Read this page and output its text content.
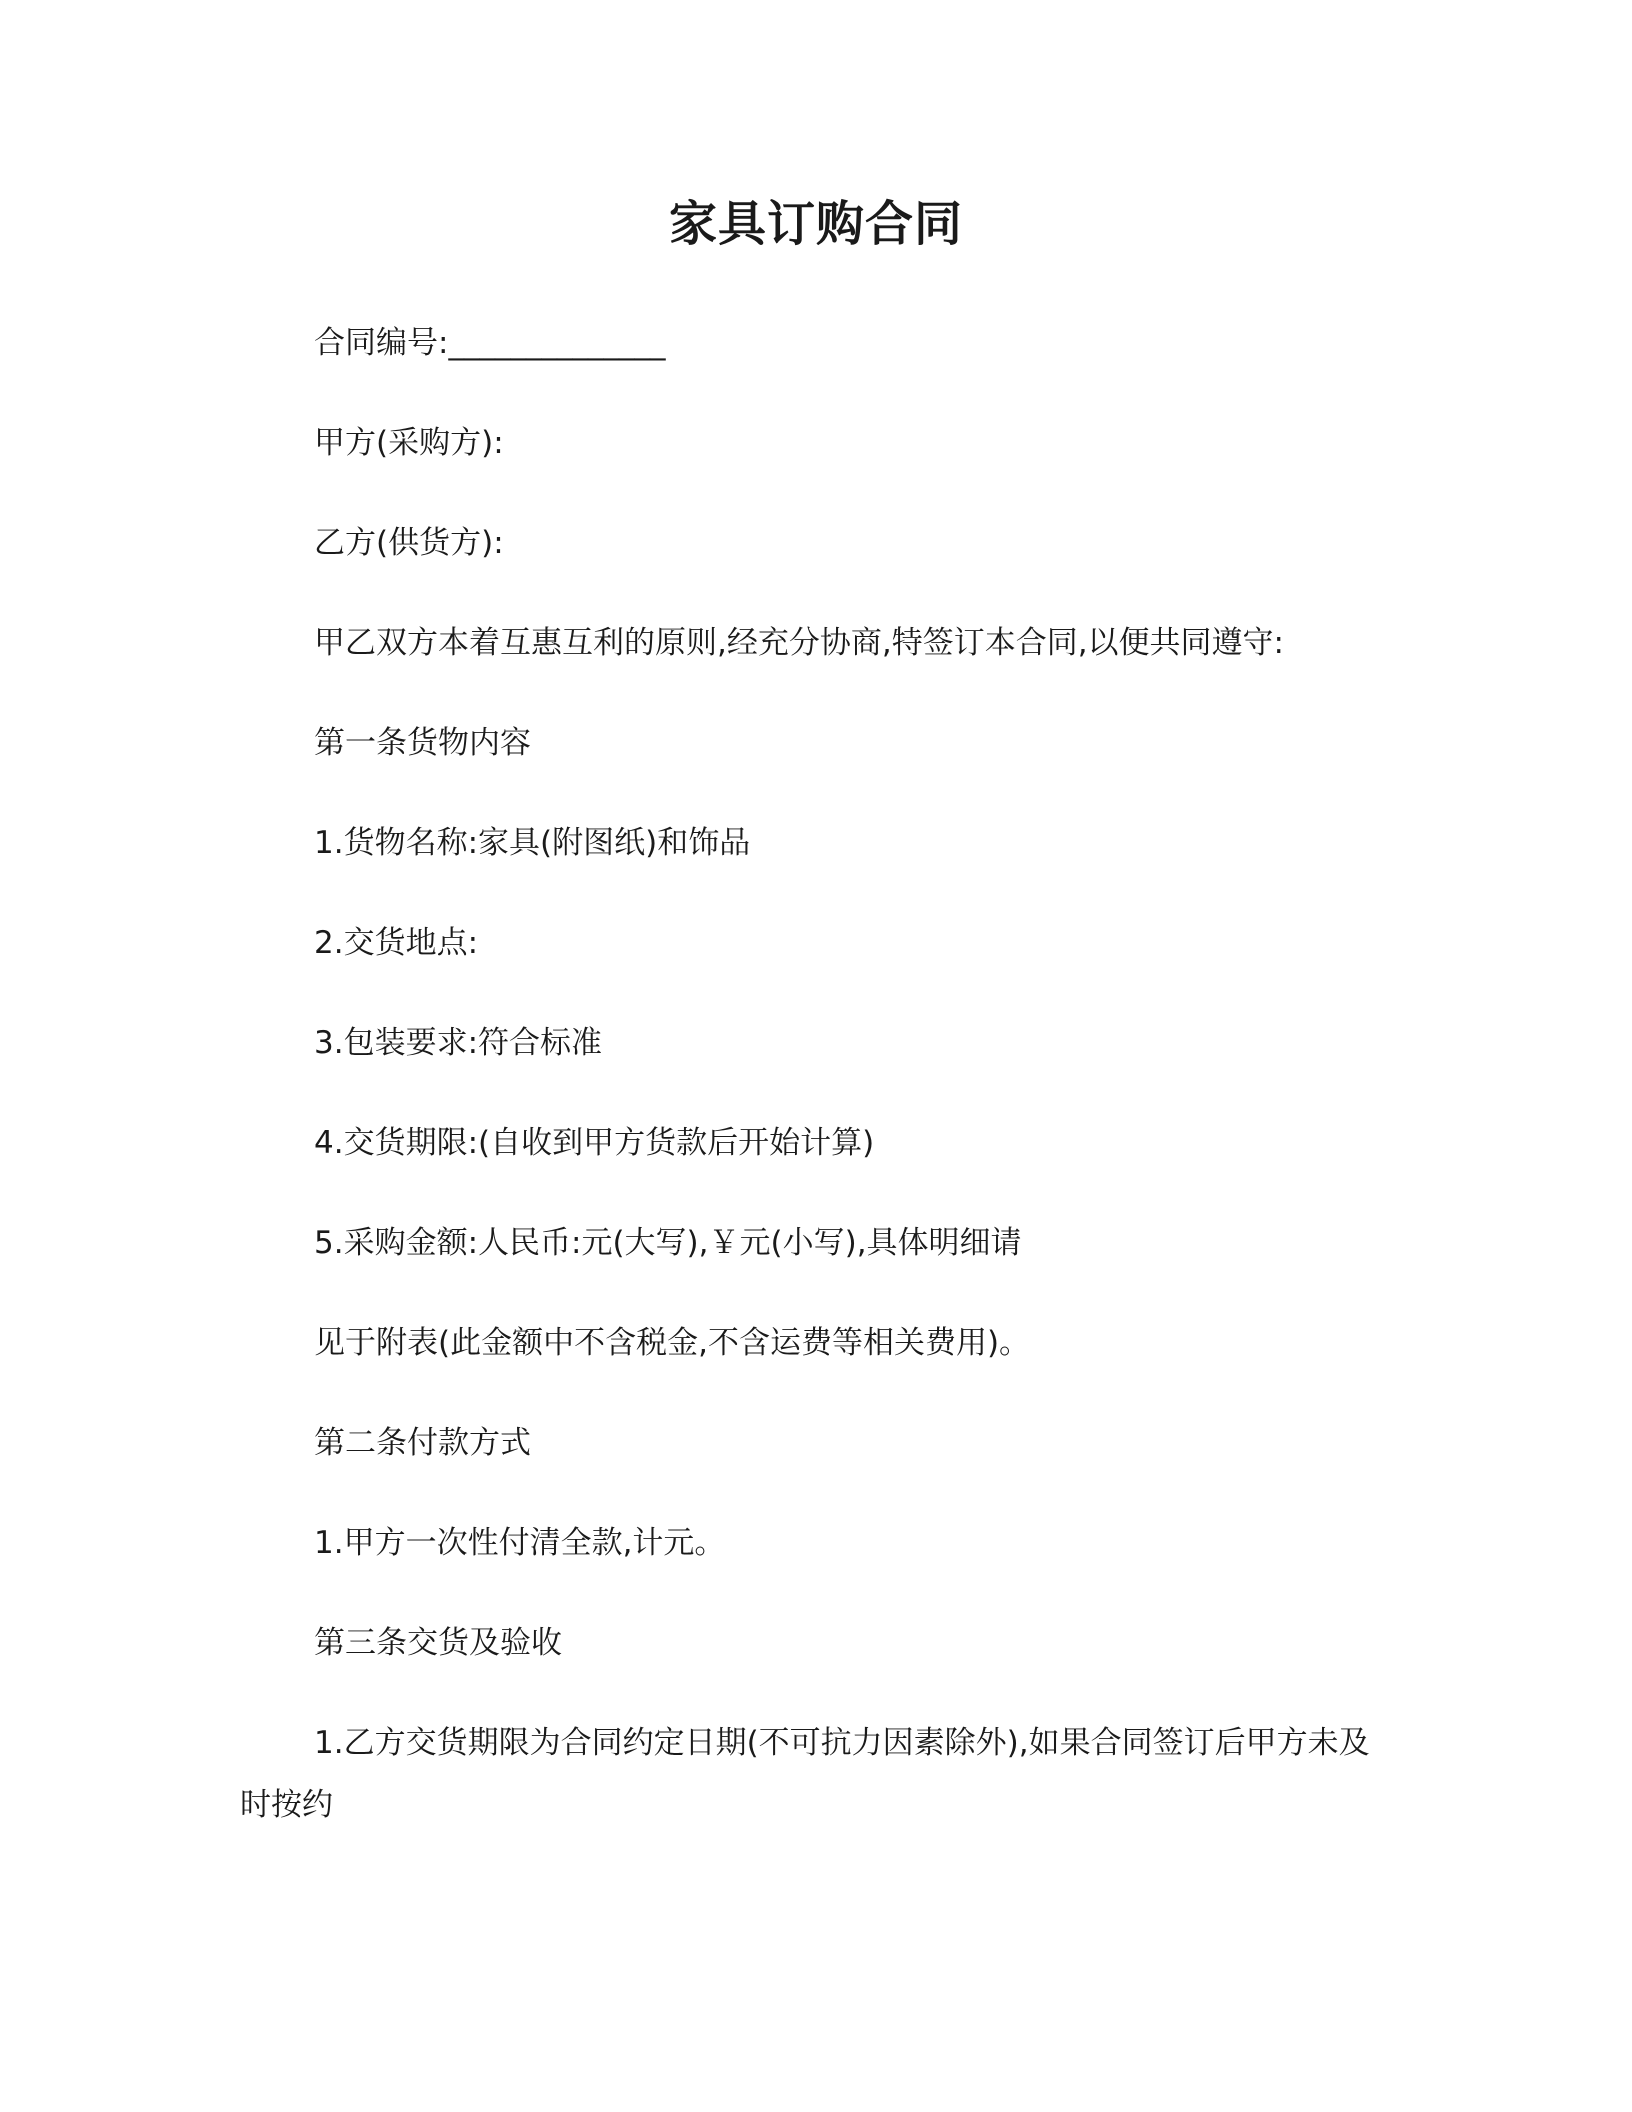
家具订购合同

合同编号:______________

甲方(采购方):

乙方(供货方):

甲乙双方本着互惠互利的原则,经充分协商,特签订本合同,以便共同遵守:

第一条货物内容

1.货物名称:家具(附图纸)和饰品

2.交货地点:

3.包装要求:符合标准

4.交货期限:(自收到甲方货款后开始计算)

5.采购金额:人民币:元(大写),￥元(小写),具体明细请

见于附表(此金额中不含税金,不含运费等相关费用)。

第二条付款方式

1.甲方一次性付清全款,计元。

第三条交货及验收

1.乙方交货期限为合同约定日期(不可抗力因素除外),如果合同签订后甲方未及时按约
